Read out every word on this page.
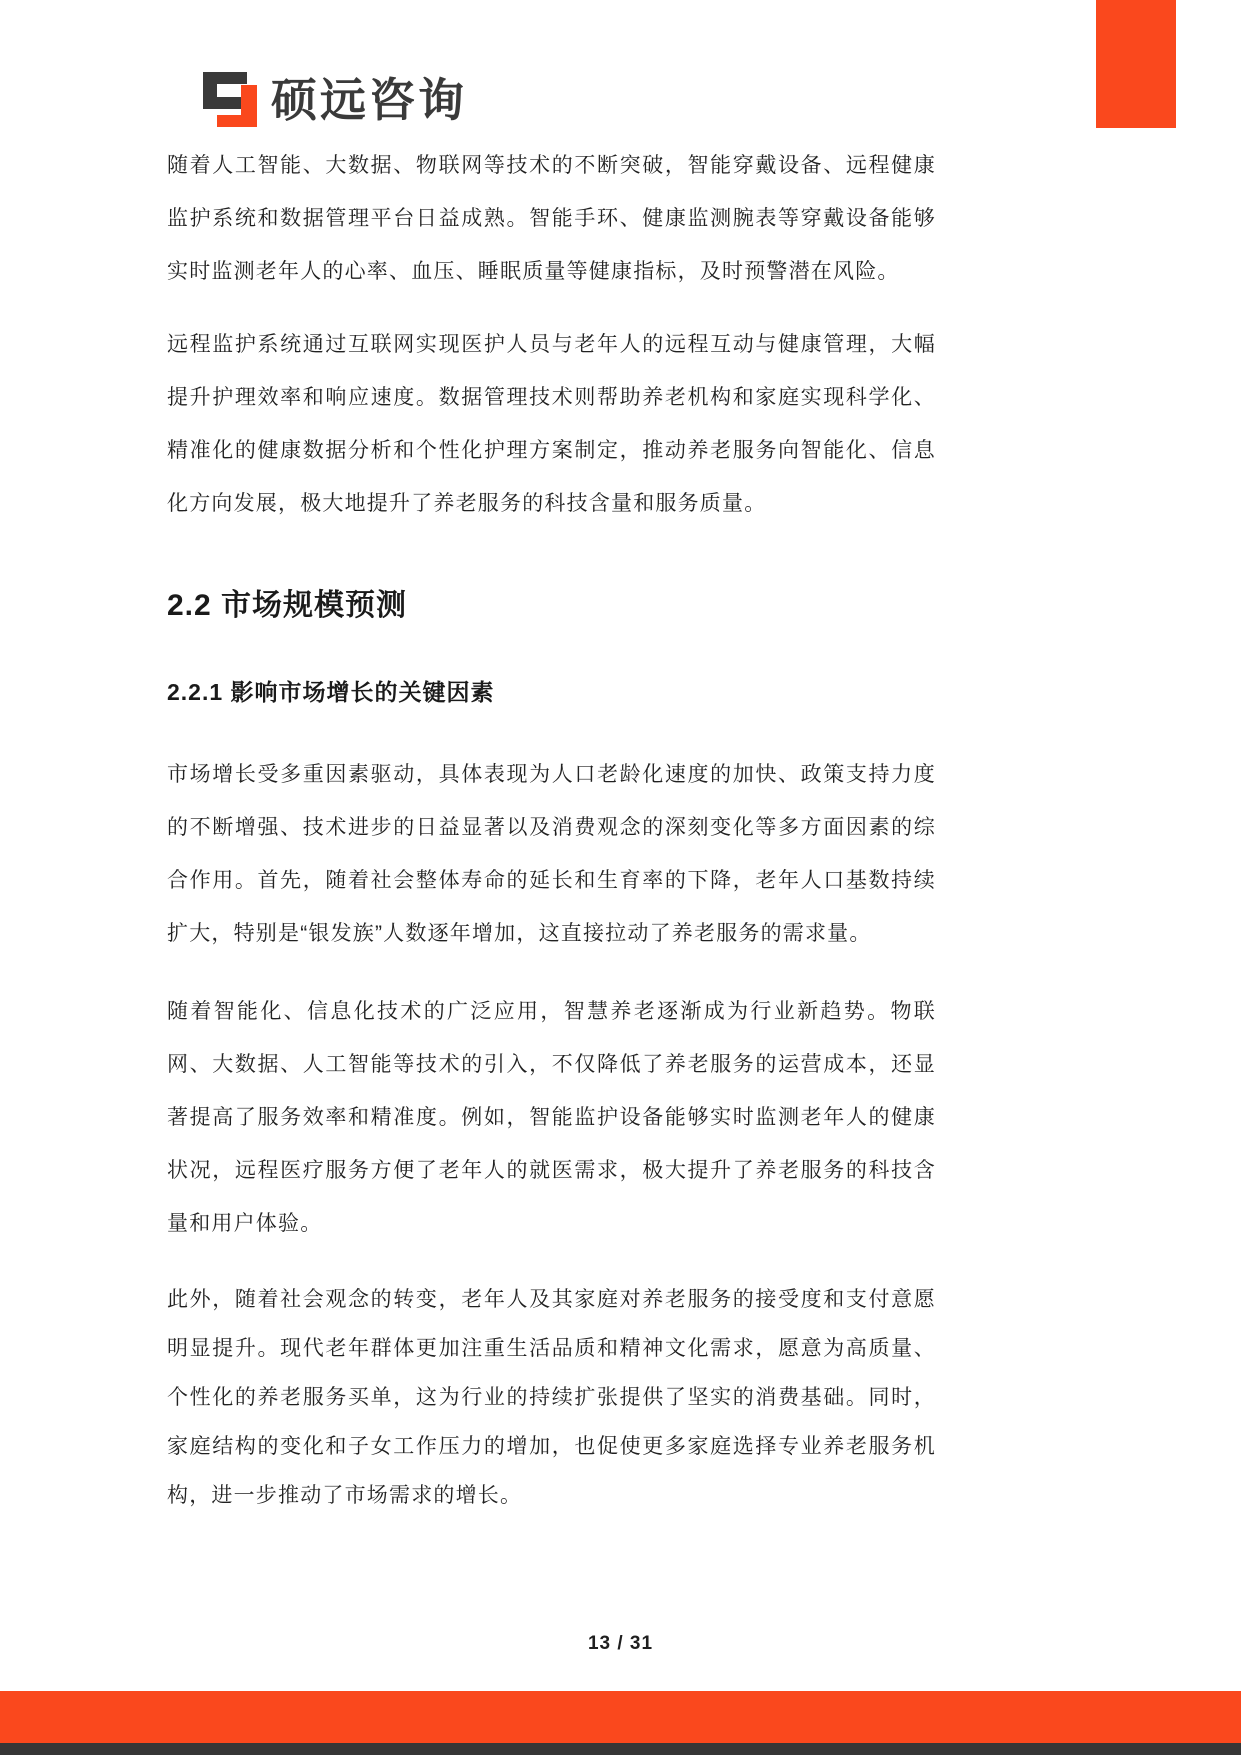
硕远咨询

随着人工智能、大数据、物联网等技术的不断突破，智能穿戴设备、远程健康监护系统和数据管理平台日益成熟。智能手环、健康监测腕表等穿戴设备能够实时监测老年人的心率、血压、睡眠质量等健康指标，及时预警潜在风险。

远程监护系统通过互联网实现医护人员与老年人的远程互动与健康管理，大幅提升护理效率和响应速度。数据管理技术则帮助养老机构和家庭实现科学化、精准化的健康数据分析和个性化护理方案制定，推动养老服务向智能化、信息化方向发展，极大地提升了养老服务的科技含量和服务质量。

2.2 市场规模预测
2.2.1 影响市场增长的关键因素

市场增长受多重因素驱动，具体表现为人口老龄化速度的加快、政策支持力度的不断增强、技术进步的日益显著以及消费观念的深刻变化等多方面因素的综合作用。首先，随着社会整体寿命的延长和生育率的下降，老年人口基数持续扩大，特别是“银发族”人数逐年增加，这直接拉动了养老服务的需求量。

随着智能化、信息化技术的广泛应用，智慧养老逐渐成为行业新趋势。物联网、大数据、人工智能等技术的引入，不仅降低了养老服务的运营成本，还显著提高了服务效率和精准度。例如，智能监护设备能够实时监测老年人的健康状况，远程医疗服务方便了老年人的就医需求，极大提升了养老服务的科技含量和用户体验。

此外，随着社会观念的转变，老年人及其家庭对养老服务的接受度和支付意愿明显提升。现代老年群体更加注重生活品质和精神文化需求，愿意为高质量、个性化的养老服务买单，这为行业的持续扩张提供了坚实的消费基础。同时，家庭结构的变化和子女工作压力的增加，也促使更多家庭选择专业养老服务机构，进一步推动了市场需求的增长。

13 / 31
